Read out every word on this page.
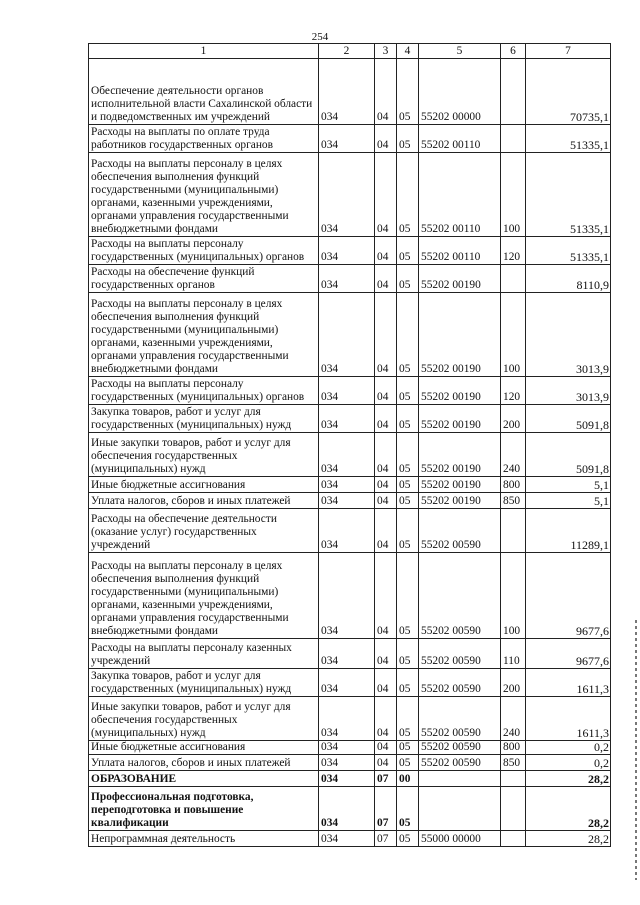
254
1	2	3	4	5	6	7
Обеспечение деятельности органов исполнительной власти Сахалинской области и подведомственных им учреждений	034	04	05	55202 00000		70735,1
Расходы на выплаты по оплате труда работников государственных органов	034	04	05	55202 00110		51335,1
Расходы на выплаты персоналу в целях обеспечения выполнения функций государственными (муниципальными) органами, казенными учреждениями, органами управления государственными внебюджетными фондами	034	04	05	55202 00110	100	51335,1
Расходы на выплаты персоналу государственных (муниципальных) органов	034	04	05	55202 00110	120	51335,1
Расходы на обеспечение функций государственных органов	034	04	05	55202 00190		8110,9
Расходы на выплаты персоналу в целях обеспечения выполнения функций государственными (муниципальными) органами, казенными учреждениями, органами управления государственными внебюджетными фондами	034	04	05	55202 00190	100	3013,9
Расходы на выплаты персоналу государственных (муниципальных) органов	034	04	05	55202 00190	120	3013,9
Закупка товаров, работ и услуг для государственных (муниципальных) нужд	034	04	05	55202 00190	200	5091,8
Иные закупки товаров, работ и услуг для обеспечения государственных (муниципальных) нужд	034	04	05	55202 00190	240	5091,8
Иные бюджетные ассигнования	034	04	05	55202 00190	800	5,1
Уплата налогов, сборов и иных платежей	034	04	05	55202 00190	850	5,1
Расходы на обеспечение деятельности (оказание услуг) государственных учреждений	034	04	05	55202 00590		11289,1
Расходы на выплаты персоналу в целях обеспечения выполнения функций государственными (муниципальными) органами, казенными учреждениями, органами управления государственными внебюджетными фондами	034	04	05	55202 00590	100	9677,6
Расходы на выплаты персоналу казенных учреждений	034	04	05	55202 00590	110	9677,6
Закупка товаров, работ и услуг для государственных (муниципальных) нужд	034	04	05	55202 00590	200	1611,3
Иные закупки товаров, работ и услуг для обеспечения государственных (муниципальных) нужд	034	04	05	55202 00590	240	1611,3
Иные бюджетные ассигнования	034	04	05	55202 00590	800	0,2
Уплата налогов, сборов и иных платежей	034	04	05	55202 00590	850	0,2
ОБРАЗОВАНИЕ	034	07	00			28,2
Профессиональная подготовка, переподготовка и повышение квалификации	034	07	05			28,2
Непрограммная деятельность	034	07	05	55000 00000		28,2
